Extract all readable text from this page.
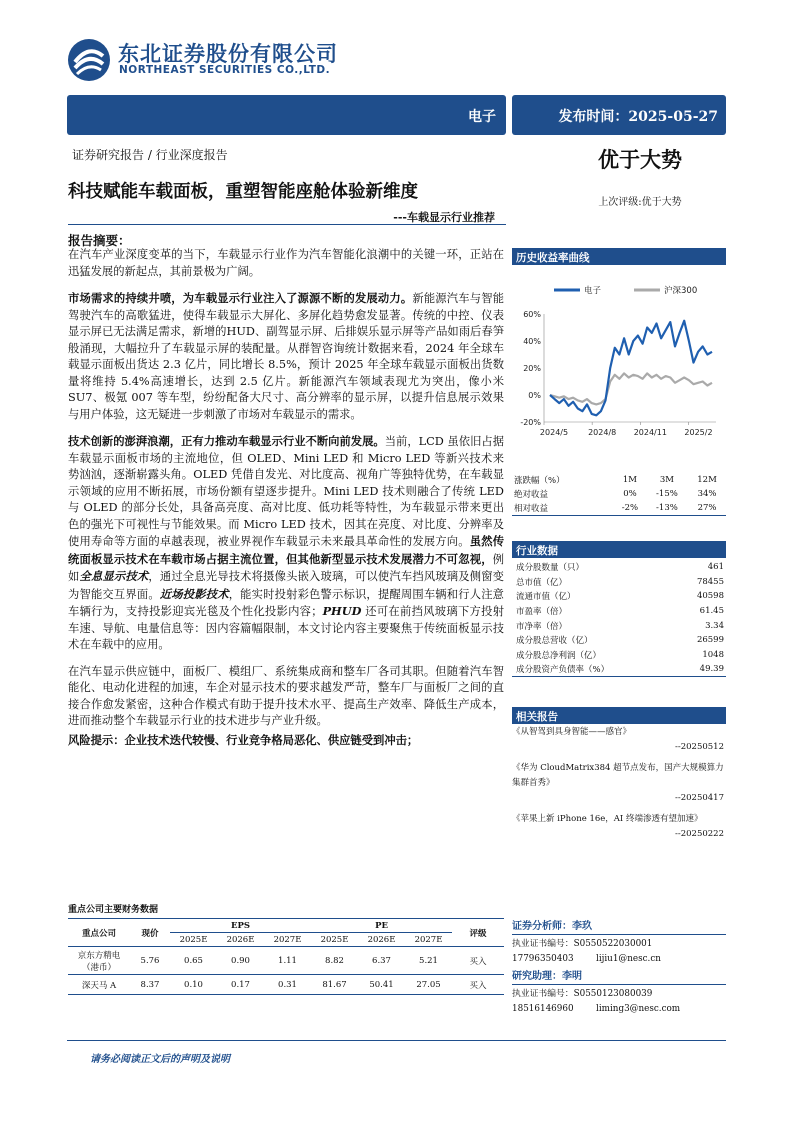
东北证券股份有限公司
NORTHEAST SECURITIES CO.,LTD.
电子	发布时间：2025-05-27
证券研究报告 / 行业深度报告	优于大势
科技赋能车载面板，重塑智能座舱体验新维度
上次评级:优于大势
---车载显示行业推荐
报告摘要：

在汽车产业深度变革的当下，车载显示行业作为汽车智能化浪潮中的关键一环，正站在迅猛发展的新起点，其前景极为广阔。

市场需求的持续井喷，为车载显示行业注入了源源不断的发展动力。新能源汽车与智能驾驶汽车的高歌猛进，使得车载显示大屏化、多屏化趋势愈发显著。传统的中控、仪表显示屏已无法满足需求，新增的HUD、副驾显示屏、后排娱乐显示屏等产品如雨后春笋般涌现，大幅拉升了车载显示屏的装配量。从群智咨询统计数据来看，2024 年全球车载显示面板出货达 2.3 亿片，同比增长 8.5%，预计 2025 年全球车载显示面板出货数量将维持 5.4%高速增长，达到 2.5 亿片。新能源汽车领域表现尤为突出，像小米 SU7、极氪 007 等车型，纷纷配备大尺寸、高分辨率的显示屏，以提升信息展示效果与用户体验，这无疑进一步刺激了市场对车载显示的需求。

技术创新的澎湃浪潮，正有力推动车载显示行业不断向前发展。当前，LCD 虽依旧占据车载显示面板市场的主流地位，但 OLED、Mini LED 和 Micro LED 等新兴技术来势汹汹，逐渐崭露头角。OLED 凭借自发光、对比度高、视角广等独特优势，在车载显示领域的应用不断拓展，市场份额有望逐步提升。Mini LED 技术则融合了传统 LED 与 OLED 的部分长处，具备高亮度、高对比度、低功耗等特性，为车载显示带来更出色的强光下可视性与节能效果。而 Micro LED 技术，因其在亮度、对比度、分辨率及使用寿命等方面的卓越表现，被业界视作车载显示未来最具革命性的发展方向。虽然传统面板显示技术在车载市场占据主流位置，但其他新型显示技术发展潜力不可忽视，例如全息显示技术，通过全息光导技术将摄像头嵌入玻璃，可以使汽车挡风玻璃及侧窗变为智能交互界面。近场投影技术，能实时投射彩色警示标识，提醒周围车辆和行人注意车辆行为，支持投影迎宾光毯及个性化投影内容；PHUD 还可在前挡风玻璃下方投射车速、导航、电量信息等：因内容篇幅限制，本文讨论内容主要聚焦于传统面板显示技术在车载中的应用。

在汽车显示供应链中，面板厂、模组厂、系统集成商和整车厂各司其职。但随着汽车智能化、电动化进程的加速，车企对显示技术的要求越发严苛，整车厂与面板厂之间的直接合作愈发紧密，这种合作模式有助于提升技术水平、提高生产效率、降低生产成本，进而推动整个车载显示行业的技术进步与产业升级。

风险提示：企业技术迭代较慢、行业竞争格局恶化、供应链受到冲击；

重点公司主要财务数据
重点公司	现价	EPS			PE			评级
		2025E	2026E	2027E	2025E	2026E	2027E	

京东方精电
（港币）	5.76	0.65	0.90	1.11	8.82	6.37	5.21	买入
深天马 A	8.37	0.10	0.17	0.31	81.67	50.41	27.05	买入
历史收益率曲线
电子	沪深300
60%
40%
20%
0%
-20%
2024/5	2024/8 2024/11 2025/2
涨跌幅（%）	1M	3M	12M
绝对收益	0%	-15%	34%
相对收益	-2%	-13%	27%
行业数据
成分股数量（只）	461
总市值（亿）	78455
流通市值（亿）	40598
市盈率（倍）	61.45
市净率（倍）	3.34
成分股总营收（亿）	26599
成分股总净利润（亿）	1048
成分股资产负债率（%）	49.39
相关报告
《从智驾到具身智能——感官》
--20250512
《华为 CloudMatrix384 超节点发布，国产大规模算力集群首秀》
--20250417
《苹果上新 iPhone 16e，AI 终端渗透有望加速》
--20250222
证券分析师：李玖
执业证书编号：S0550522030001
17796350403	lijiu1@nesc.cn
研究助理：李明
执业证书编号：S0550123080039
18516146960	liming3@nesc.com
请务必阅读正文后的声明及说明
